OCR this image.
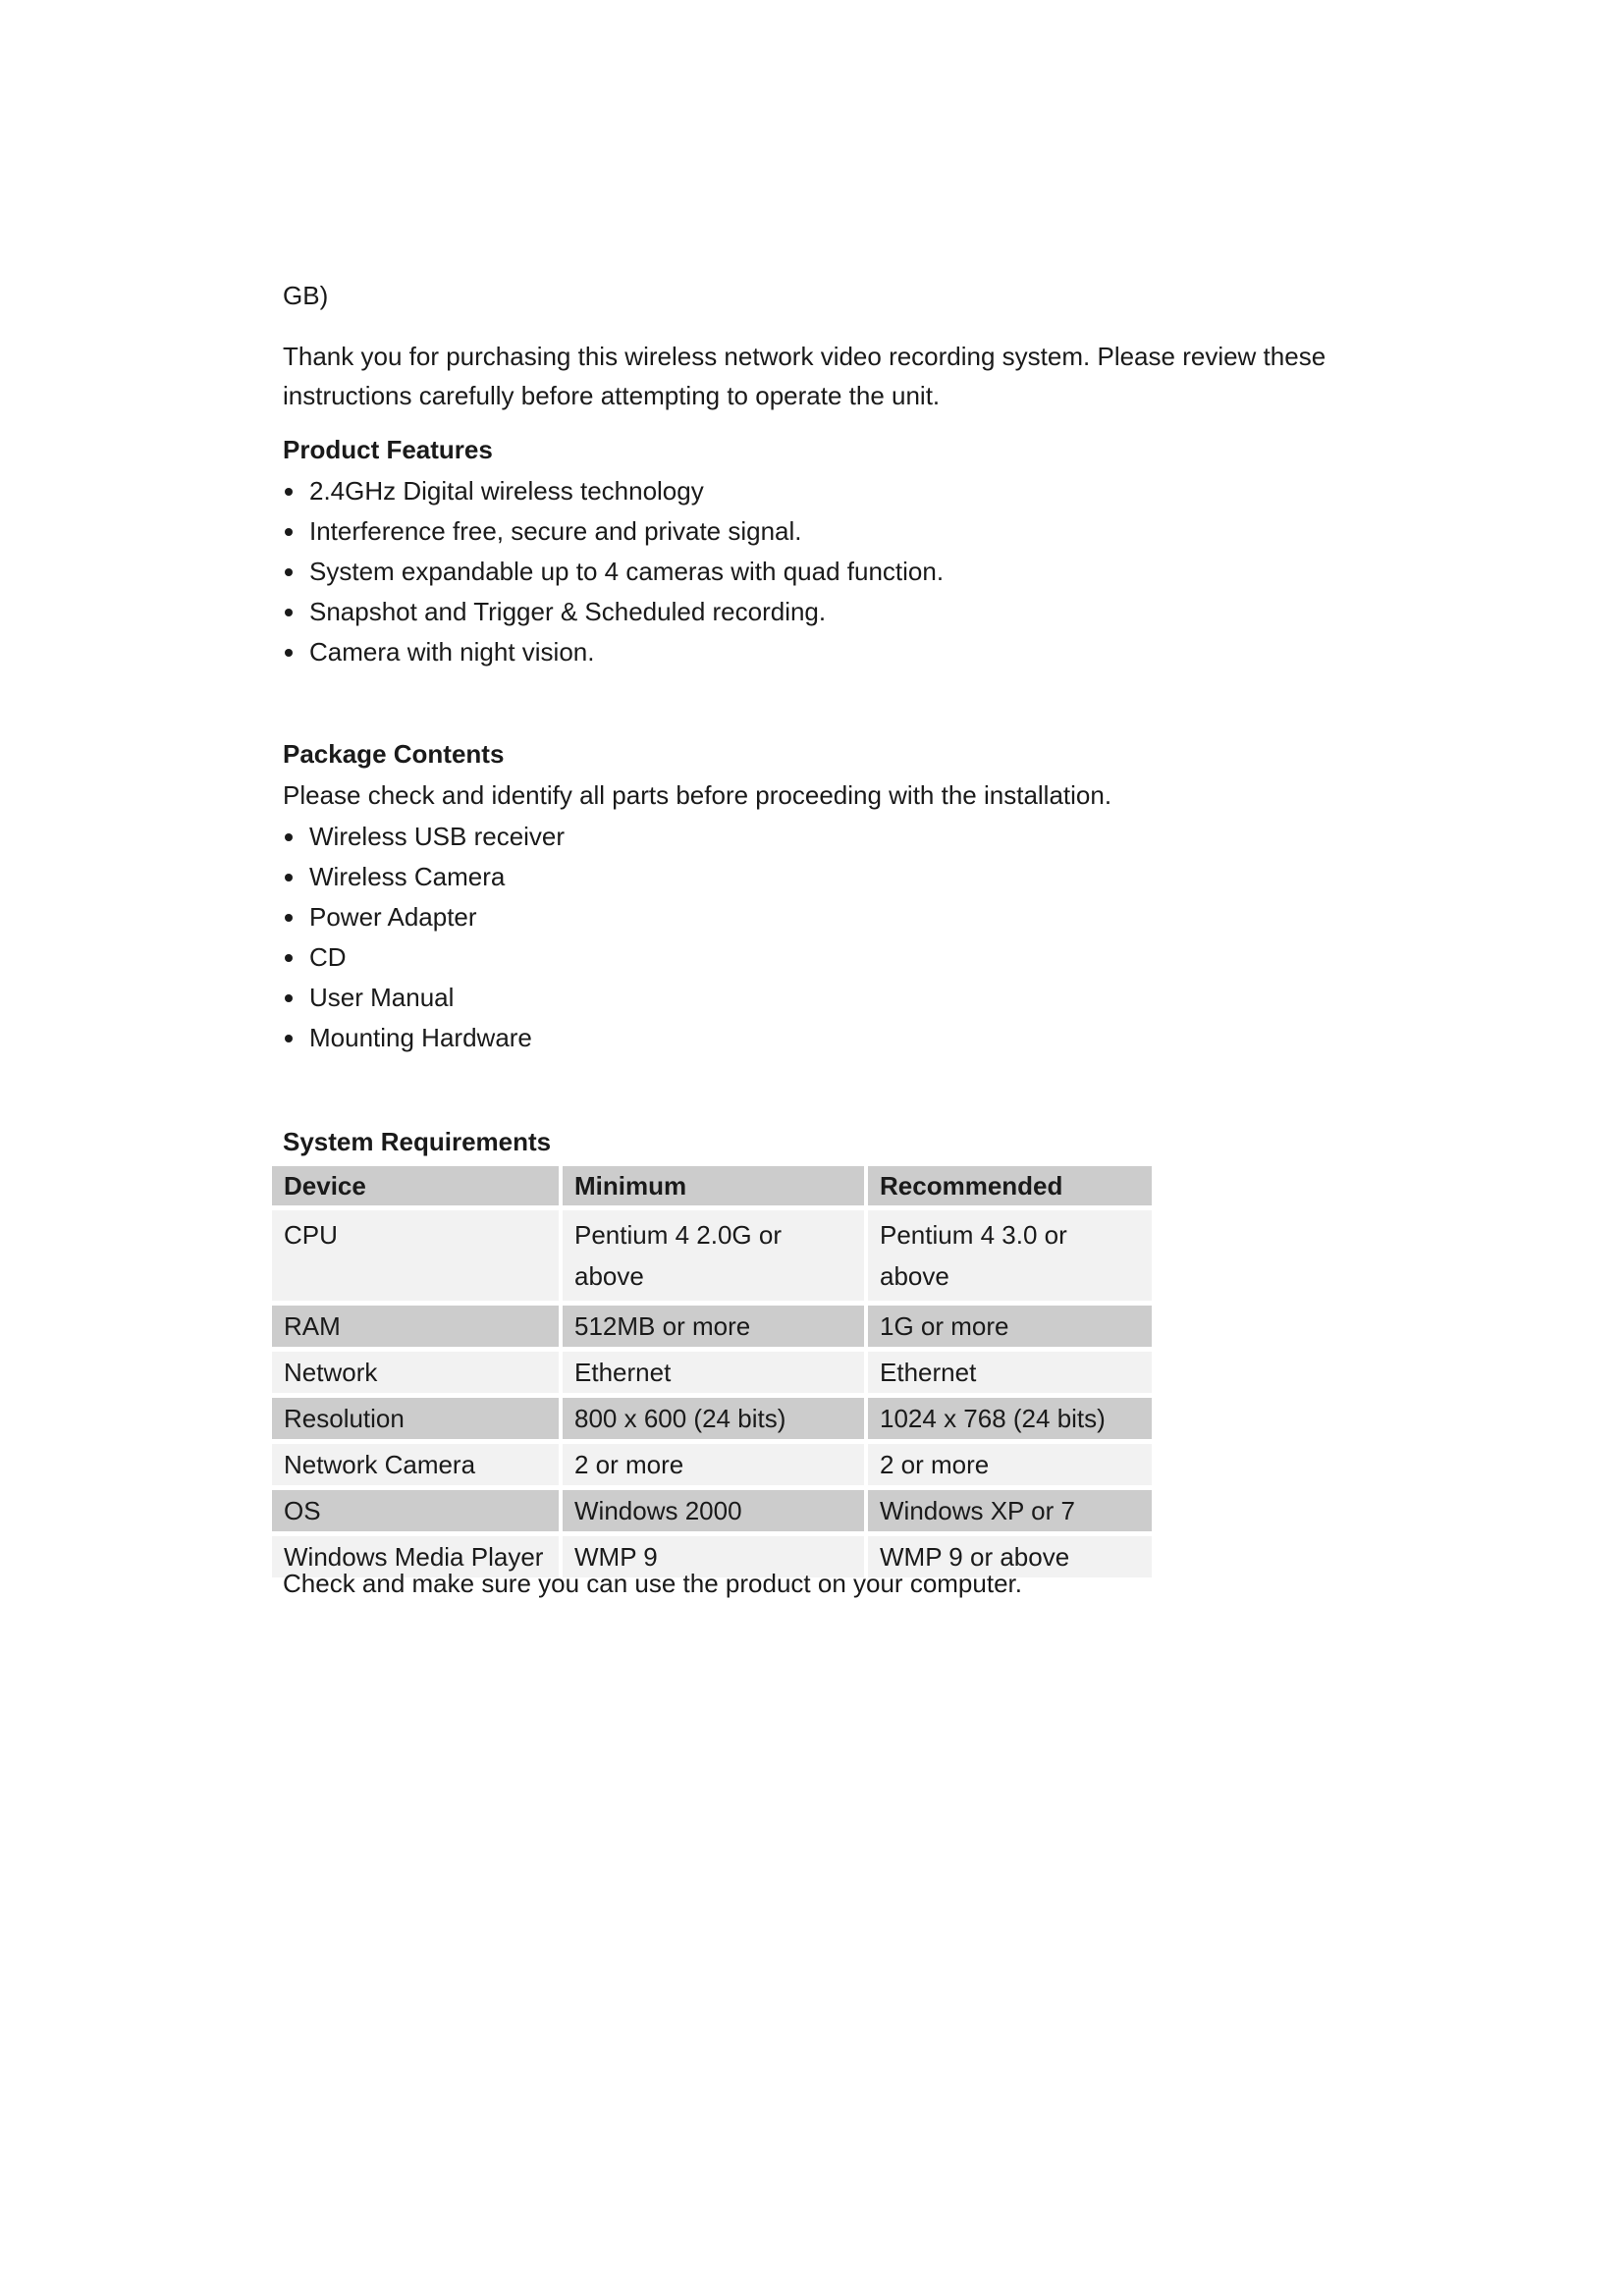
GB)
Thank you for purchasing this wireless network video recording system. Please review these instructions carefully before attempting to operate the unit.
Product Features
2.4GHz Digital wireless technology
Interference free, secure and private signal.
System expandable up to 4 cameras with quad function.
Snapshot and Trigger & Scheduled recording.
Camera with night vision.
Package Contents
Please check and identify all parts before proceeding with the installation.
Wireless USB receiver
Wireless Camera
Power Adapter
CD
User Manual
Mounting Hardware
System Requirements
Device	Minimum	Recommended
CPU	Pentium 4 2.0G or above	Pentium 4 3.0 or above
RAM	512MB or more	1G or more
Network	Ethernet	Ethernet
Resolution	800 x 600 (24 bits)	1024 x 768 (24 bits)
Network Camera	2 or more	2 or more
OS	Windows 2000	Windows XP or 7
Windows Media Player	WMP 9	WMP 9 or above
Check and make sure you can use the product on your computer.
